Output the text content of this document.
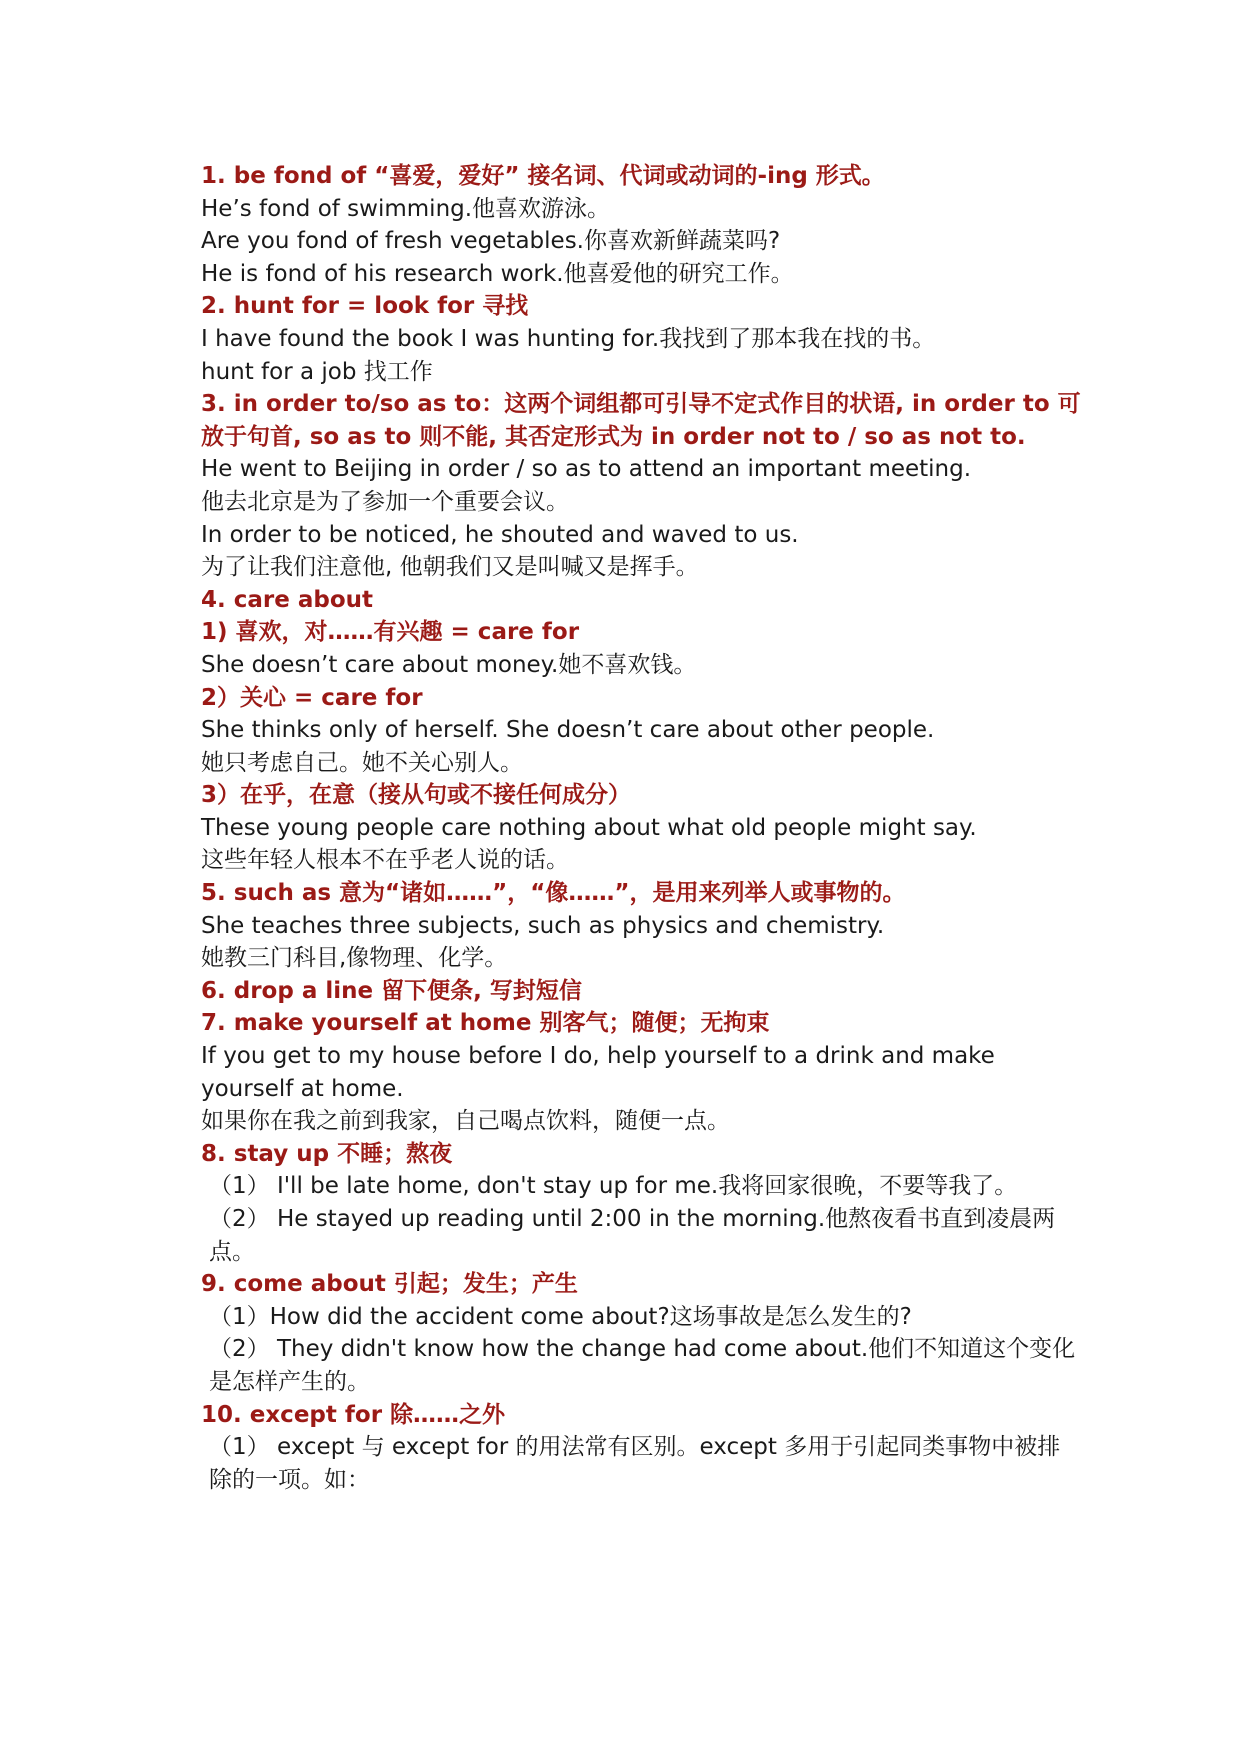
1. be fond of “喜爱，爱好” 接名词、代词或动词的-ing 形式。

He’s fond of swimming.他喜欢游泳。

Are you fond of fresh vegetables.你喜欢新鲜蔬菜吗?

He is fond of his research work.他喜爱他的研究工作。

2. hunt for = look for 寻找

I have found the book I was hunting for.我找到了那本我在找的书。

hunt for a job 找工作

3. in order to/so as to：这两个词组都可引导不定式作目的状语, in order to 可放于句首, so as to 则不能, 其否定形式为 in order not to / so as not to.

He went to Beijing in order / so as to attend an important meeting.

他去北京是为了参加一个重要会议。

In order to be noticed, he shouted and waved to us.

为了让我们注意他, 他朝我们又是叫喊又是挥手。

4. care about

1) 喜欢，对……有兴趣 = care for

She doesn’t care about money.她不喜欢钱。

2）关心 = care for

She thinks only of herself. She doesn’t care about other people.

她只考虑自己。她不关心别人。

3）在乎，在意（接从句或不接任何成分）

These young people care nothing about what old people might say.

这些年轻人根本不在乎老人说的话。

5. such as 意为“诸如……”，“像……”，是用来列举人或事物的。

She teaches three subjects, such as physics and chemistry.

她教三门科目,像物理、化学。

6. drop a line 留下便条, 写封短信

7. make yourself at home 别客气；随便；无拘束

If you get to my house before I do, help yourself to a drink and make yourself at home.

如果你在我之前到我家，自己喝点饮料，随便一点。

8. stay up 不睡；熬夜

（1） I'll be late home, don't stay up for me.我将回家很晚，不要等我了。

（2） He stayed up reading until 2:00 in the morning.他熬夜看书直到凌晨两点。

9. come about 引起；发生；产生

（1）How did the accident come about?这场事故是怎么发生的?

（2） They didn't know how the change had come about.他们不知道这个变化是怎样产生的。

10. except for 除……之外

（1） except 与 except for 的用法常有区别。except 多用于引起同类事物中被排除的一项。如：
